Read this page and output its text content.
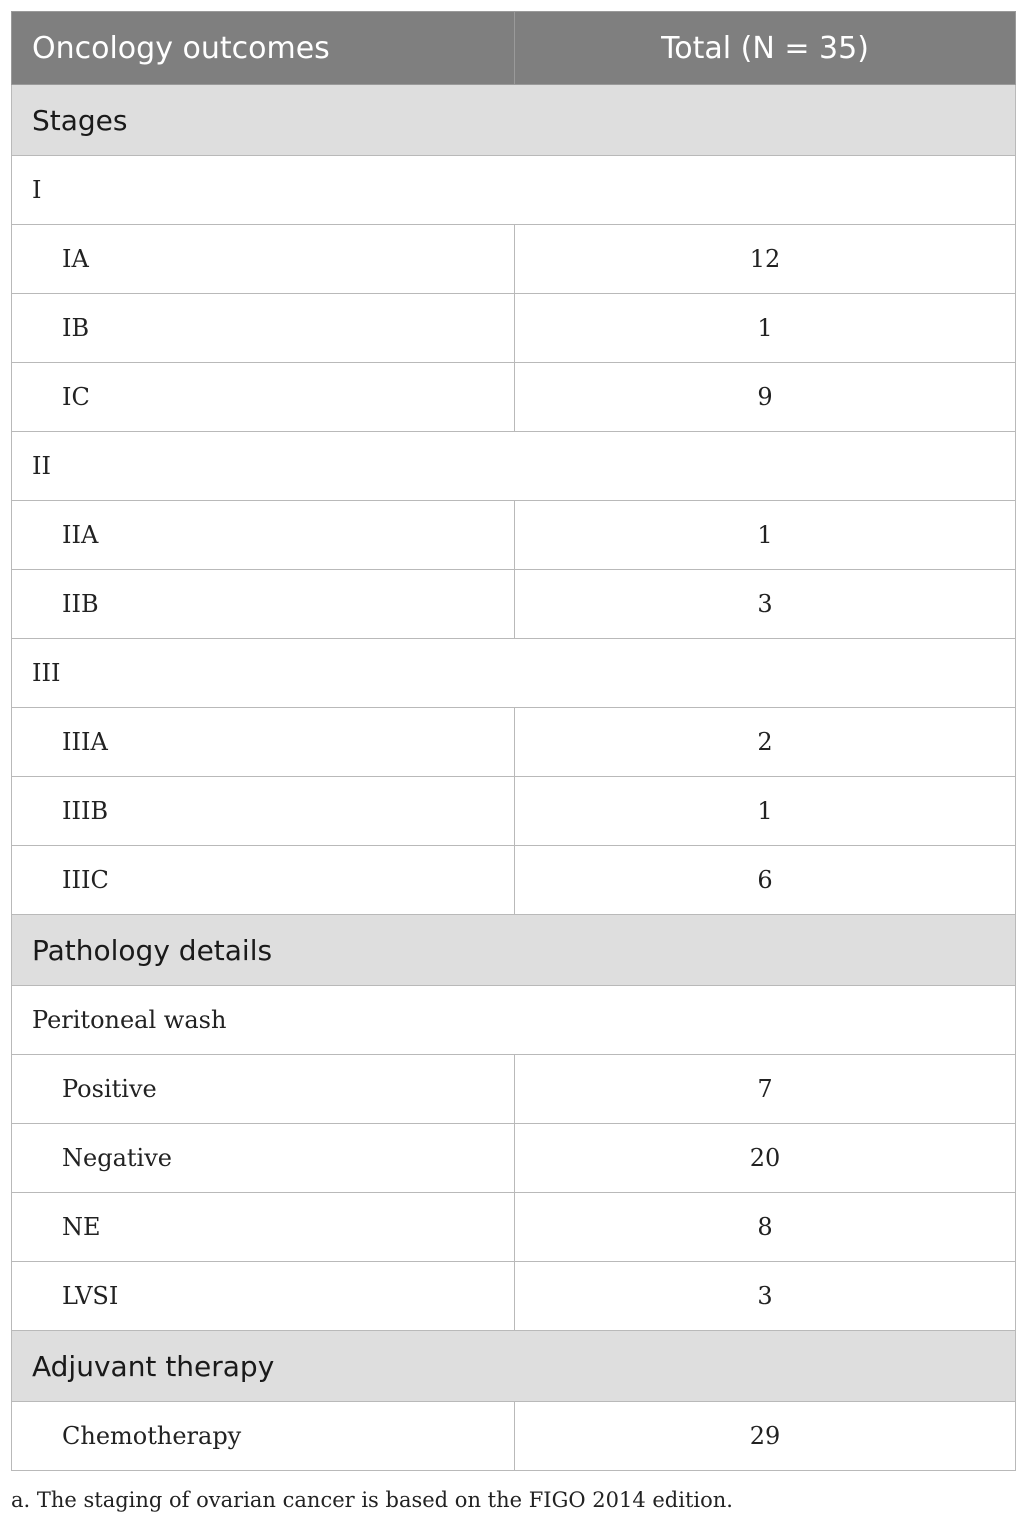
Oncology outcomes	Total (N = 35)
Stages	
I	
IA	12
IB	1
IC	9
II	
IIA	1
IIB	3
III	
IIIA	2
IIIB	1
IIIC	6
Pathology details	
Peritoneal wash	
Positive	7
Negative	20
NE	8
LVSI	3
Adjuvant therapy	
Chemotherapy	29
a. The staging of ovarian cancer is based on the FIGO 2014 edition.
